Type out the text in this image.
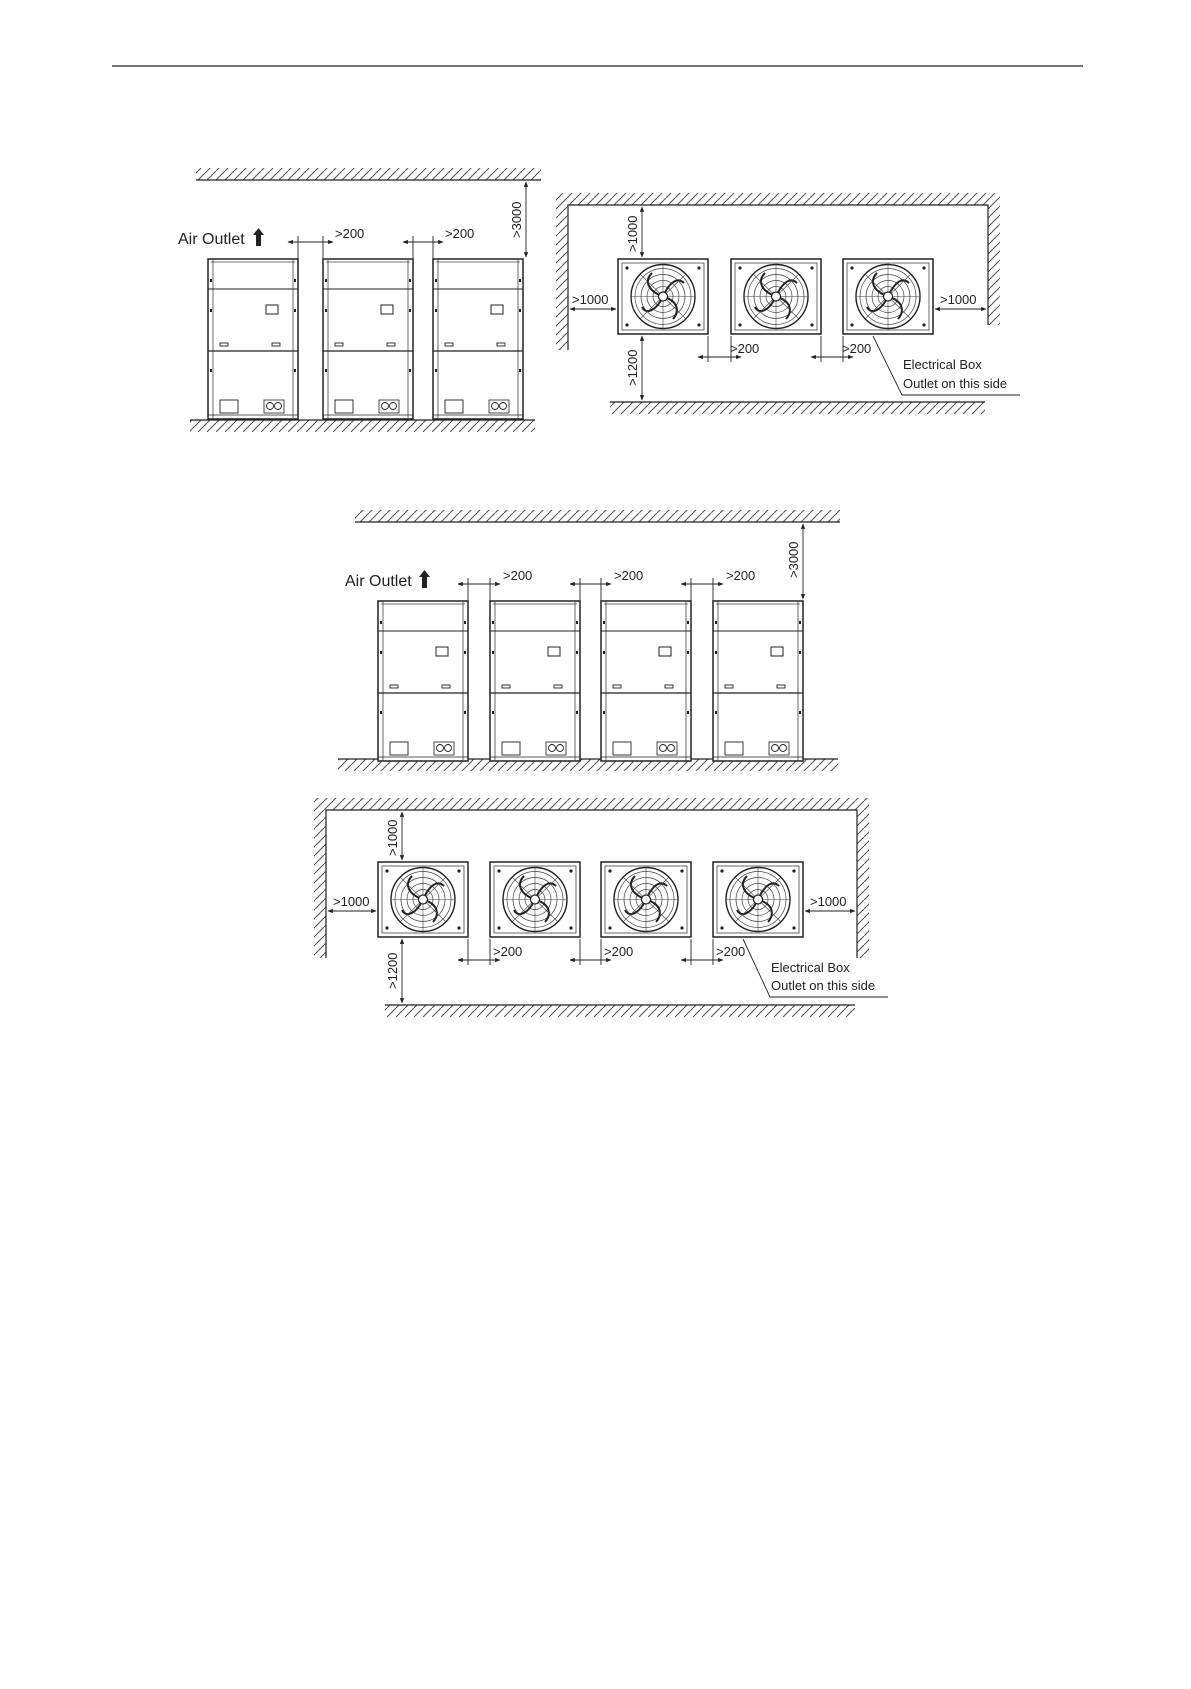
>200	>200	>3000
Air Outlet	>1000
>1000	>1000
>1200
>200	>200
Electrical Box
Outlet on this side
>200	>200	>200 >3000
Air Outlet
>1000
>1000	>1000
>1200
>200	>200	>200
Electrical Box
Outlet on this side
